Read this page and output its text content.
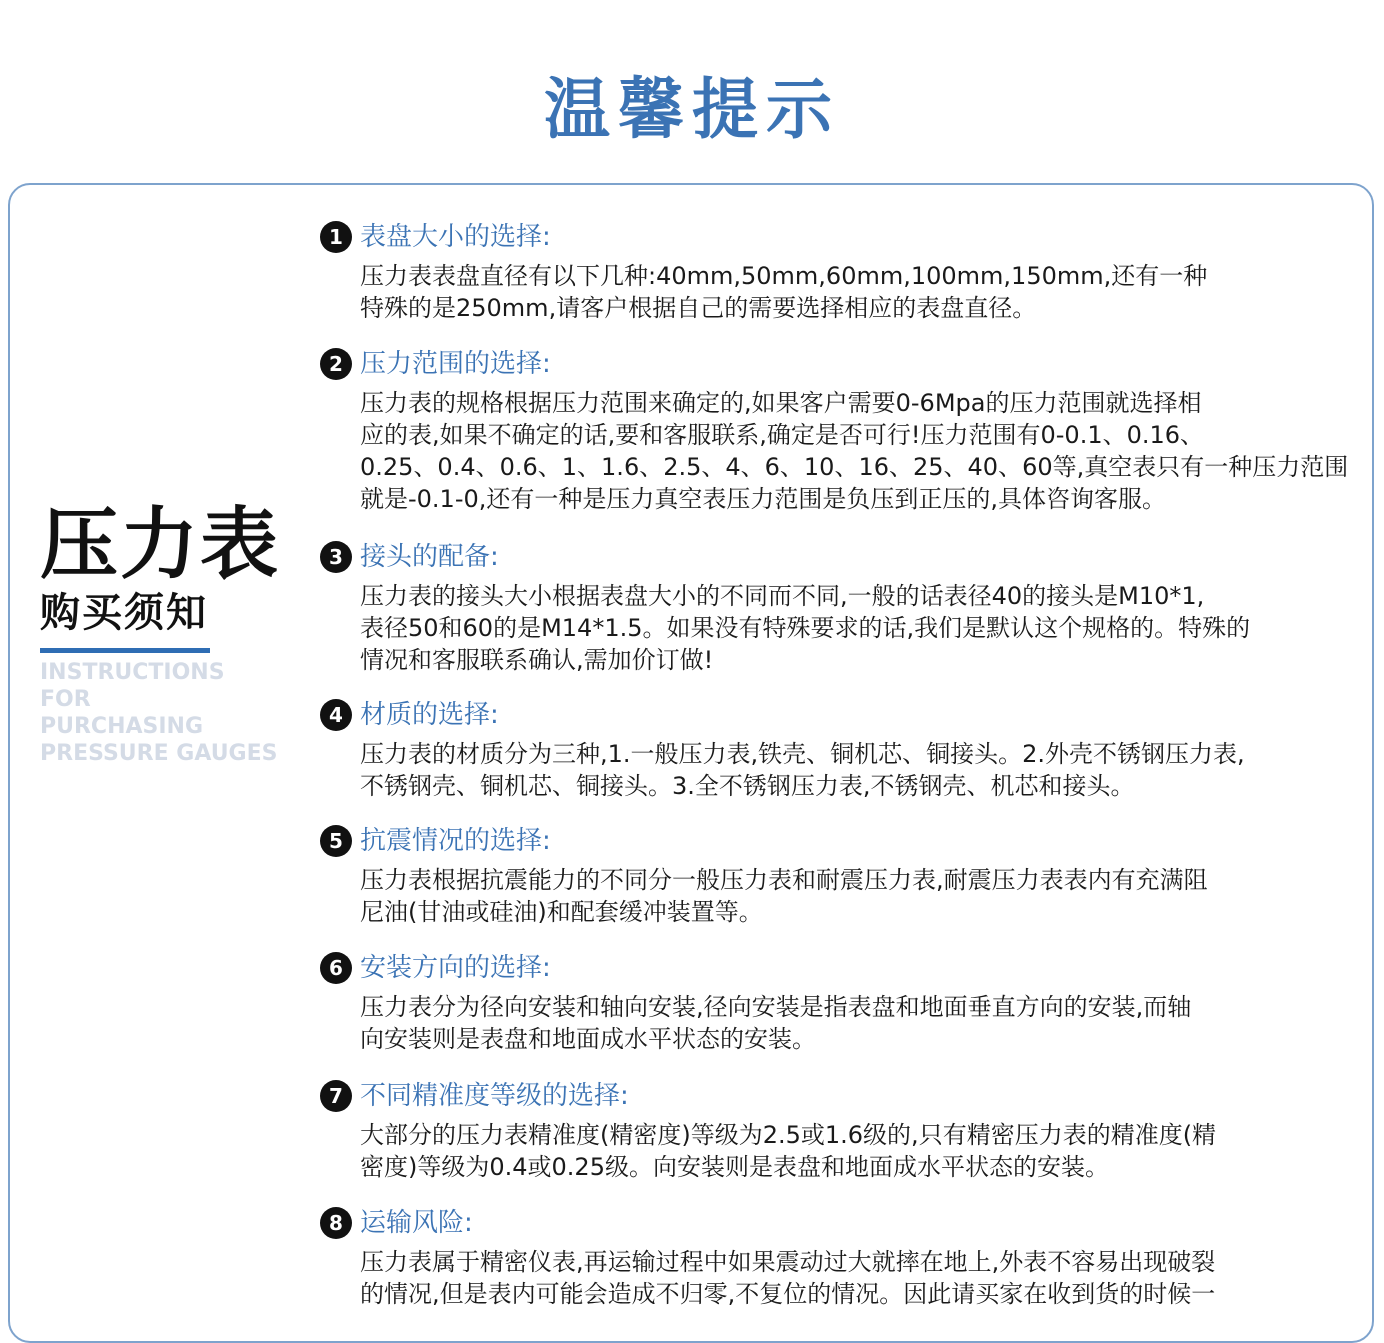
温馨提示
压力表
购买须知
INSTRUCTIONS
FOR
PURCHASING
PRESSURE GAUGES
1 表盘大小的选择:
压力表表盘直径有以下几种:40mm,50mm,60mm,100mm,150mm,还有一种
特殊的是250mm,请客户根据自己的需要选择相应的表盘直径。
2 压力范围的选择:
压力表的规格根据压力范围来确定的,如果客户需要0-6Mpa的压力范围就选择相
应的表,如果不确定的话,要和客服联系,确定是否可行!压力范围有0-0.1、0.16、
0.25、0.4、0.6、1、1.6、2.5、4、6、10、16、25、40、60等,真空表只有一种压力范围
就是-0.1-0,还有一种是压力真空表压力范围是负压到正压的,具体咨询客服。
3 接头的配备:
压力表的接头大小根据表盘大小的不同而不同,一般的话表径40的接头是M10*1,
表径50和60的是M14*1.5。如果没有特殊要求的话,我们是默认这个规格的。特殊的
情况和客服联系确认,需加价订做!
4 材质的选择:
压力表的材质分为三种,1.一般压力表,铁壳、铜机芯、铜接头。2.外壳不锈钢压力表,
不锈钢壳、铜机芯、铜接头。3.全不锈钢压力表,不锈钢壳、机芯和接头。
5 抗震情况的选择:
压力表根据抗震能力的不同分一般压力表和耐震压力表,耐震压力表表内有充满阻
尼油(甘油或硅油)和配套缓冲装置等。
6 安装方向的选择:
压力表分为径向安装和轴向安装,径向安装是指表盘和地面垂直方向的安装,而轴
向安装则是表盘和地面成水平状态的安装。
7 不同精准度等级的选择:
大部分的压力表精准度(精密度)等级为2.5或1.6级的,只有精密压力表的精准度(精
密度)等级为0.4或0.25级。向安装则是表盘和地面成水平状态的安装。
8 运输风险:
压力表属于精密仪表,再运输过程中如果震动过大就摔在地上,外表不容易出现破裂
的情况,但是表内可能会造成不归零,不复位的情况。因此请买家在收到货的时候一
